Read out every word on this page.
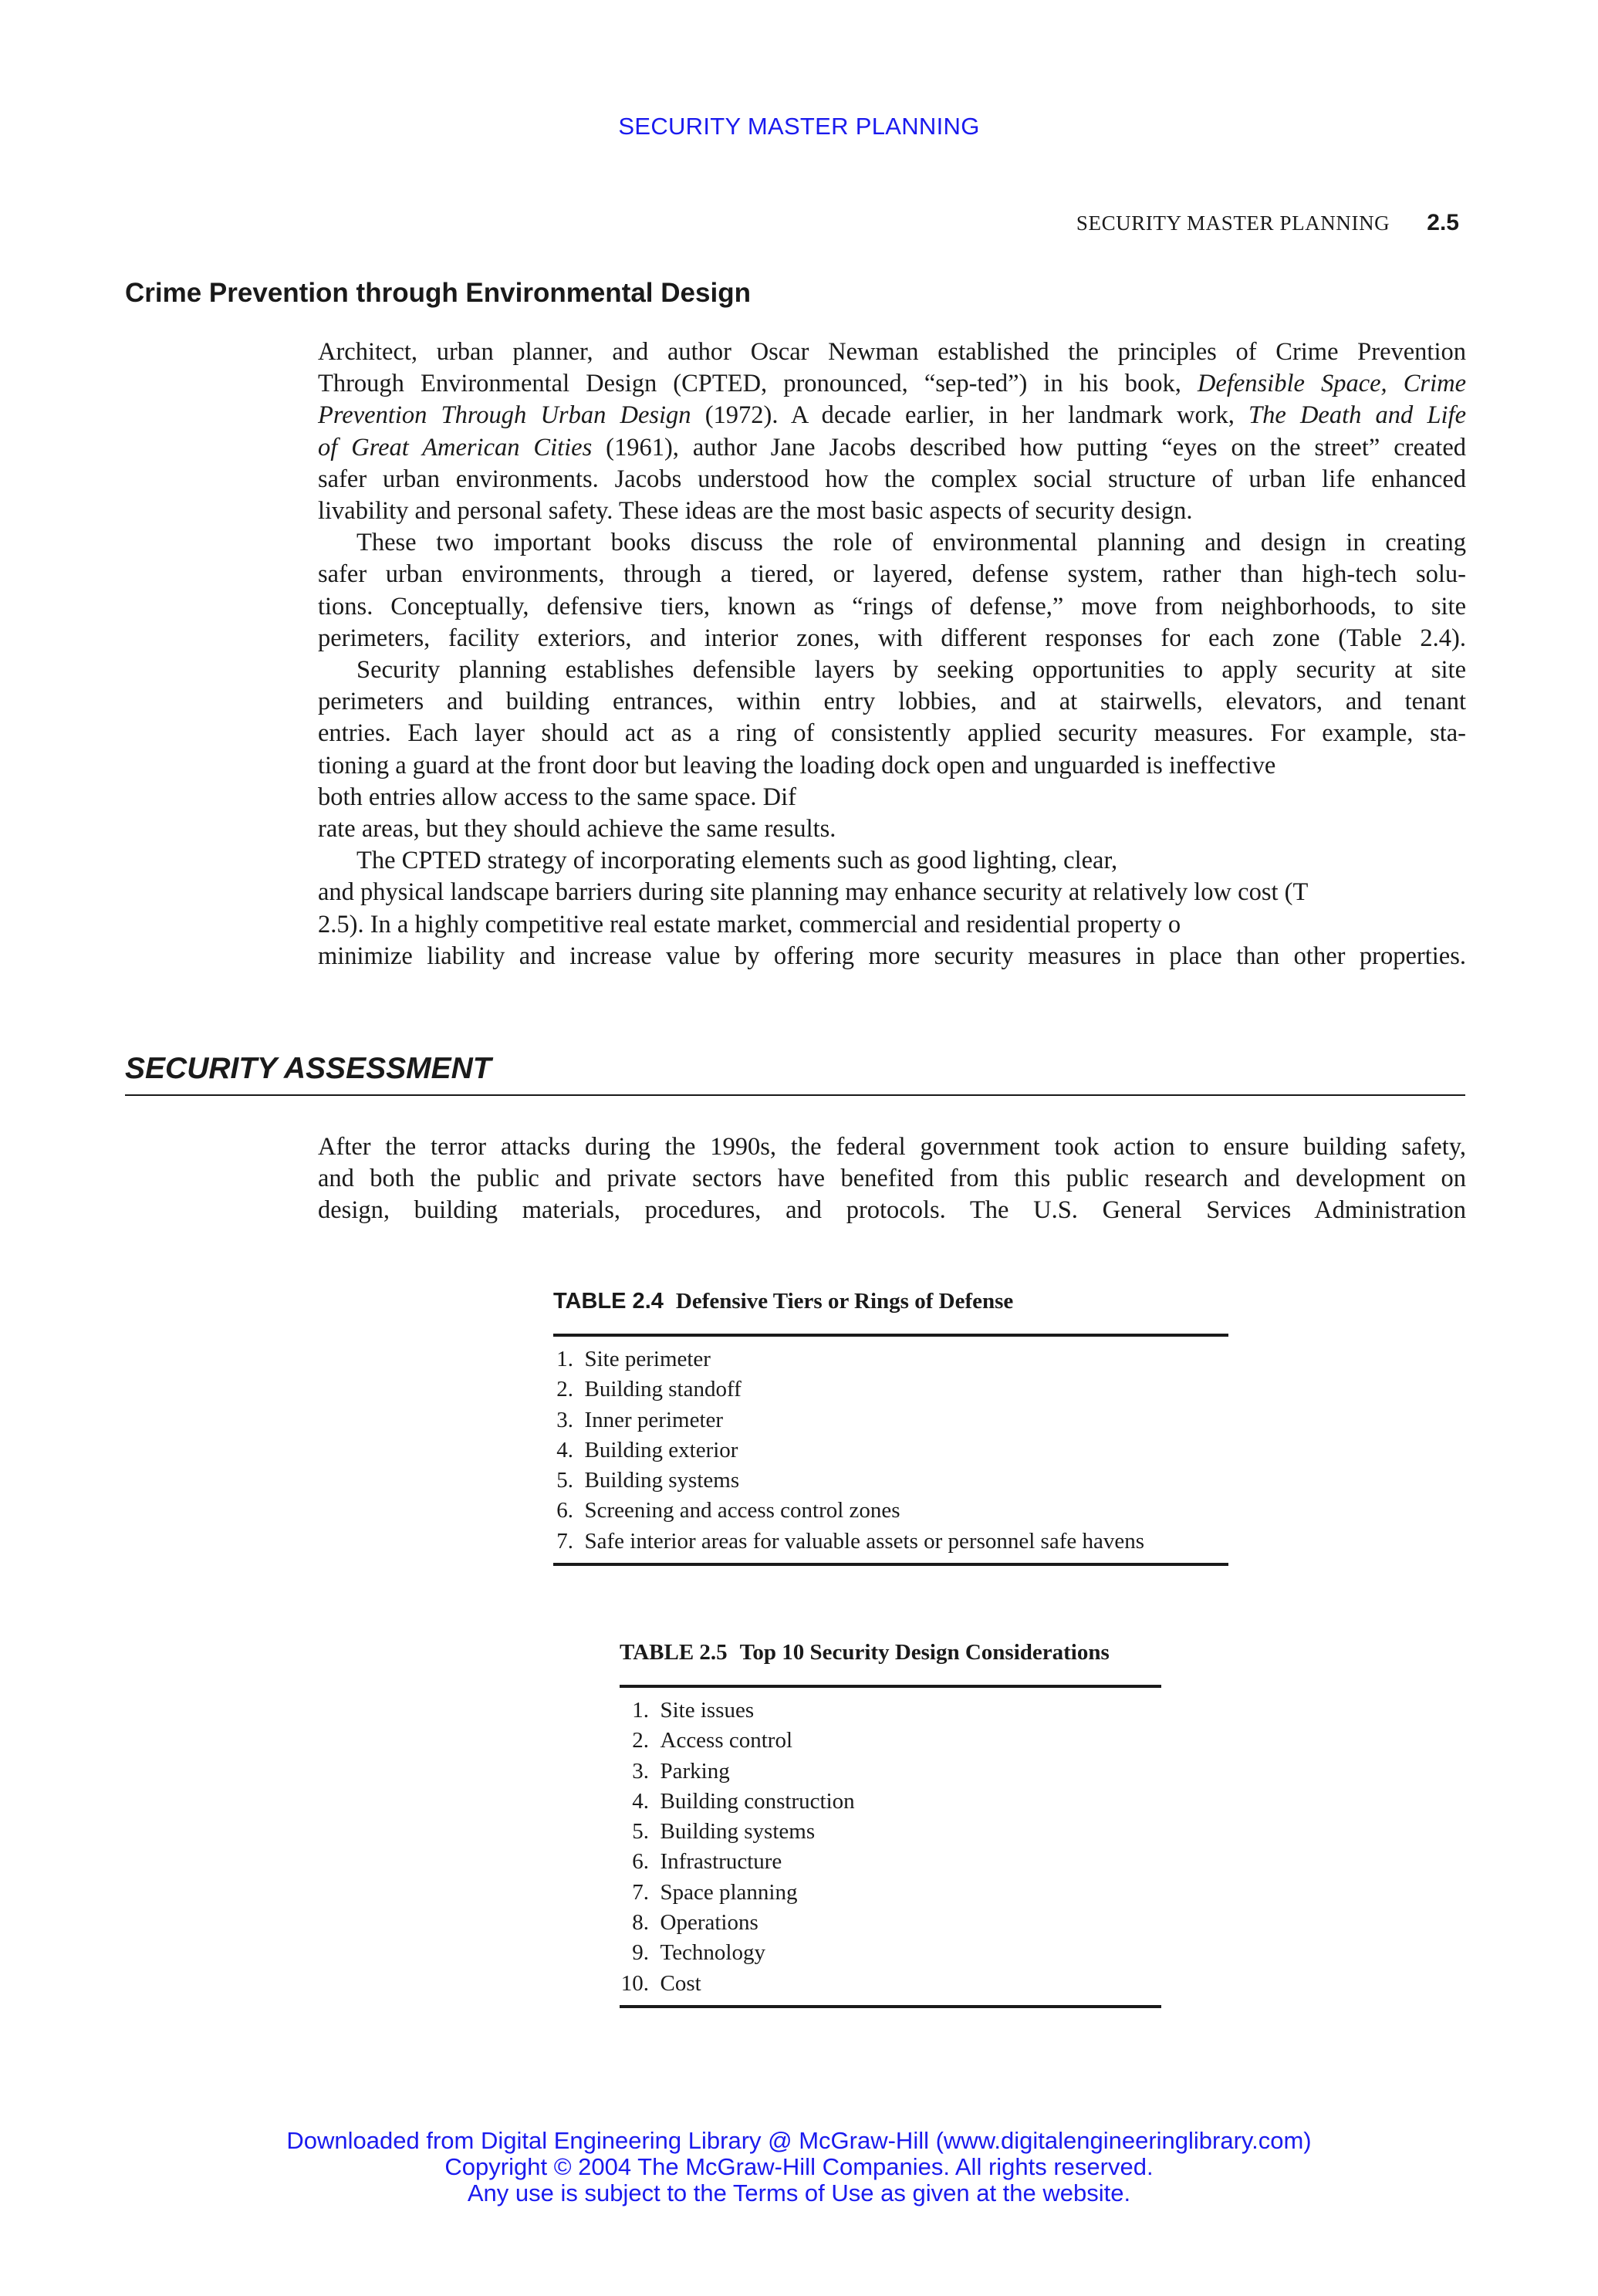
SECURITY MASTER PLANNING
SECURITY MASTER PLANNING 2.5
Crime Prevention through Environmental Design

Architect, urban planner, and author Oscar Newman established the principles of Crime Prevention

Through Environmental Design (CPTED, pronounced, “sep-ted”) in his book, Defensible Space, Crime

Prevention Through Urban Design (1972). A decade earlier, in her landmark work, The Death and Life

of Great American Cities (1961), author Jane Jacobs described how putting “eyes on the street” created

safer urban environments. Jacobs understood how the complex social structure of urban life enhanced

livability and personal safety. These ideas are the most basic aspects of security design.

These two important books discuss the role of environmental planning and design in creating

safer urban environments, through a tiered, or layered, defense system, rather than high-tech solu-

tions. Conceptually, defensive tiers, known as “rings of defense,” move from neighborhoods, to site

perimeters, facility exteriors, and interior zones, with different responses for each zone (Table 2.4).

Security planning establishes defensible layers by seeking opportunities to apply security at site

perimeters and building entrances, within entry lobbies, and at stairwells, elevators, and tenant

entries. Each layer should act as a ring of consistently applied security measures. For example, sta-

tioning a guard at the front door but leaving the loading dock open and unguarded is ineffective

both entries allow access to the same space. Dif

rate areas, but they should achieve the same results.

The CPTED strategy of incorporating elements such as good lighting, clear,

and physical landscape barriers during site planning may enhance security at relatively low cost (T

2.5). In a highly competitive real estate market, commercial and residential property o

minimize liability and increase value by offering more security measures in place than other properties.

SECURITY ASSESSMENT

After the terror attacks during the 1990s, the federal government took action to ensure building safety,

and both the public and private sectors have benefited from this public research and development on

design, building materials, procedures, and protocols. The U.S. General Services Administration

TABLE 2.4 Defensive Tiers or Rings of Defense
1. Site perimeter
2. Building standoff
3. Inner perimeter
4. Building exterior
5. Building systems
6. Screening and access control zones
7. Safe interior areas for valuable assets or personnel safe havens
TABLE 2.5 Top 10 Security Design Considerations
1. Site issues
2. Access control
3. Parking
4. Building construction
5. Building systems
6. Infrastructure
7. Space planning
8. Operations
9. Technology
10. Cost
Downloaded from Digital Engineering Library @ McGraw-Hill (www.digitalengineeringlibrary.com)
Copyright © 2004 The McGraw-Hill Companies. All rights reserved.
Any use is subject to the Terms of Use as given at the website.
